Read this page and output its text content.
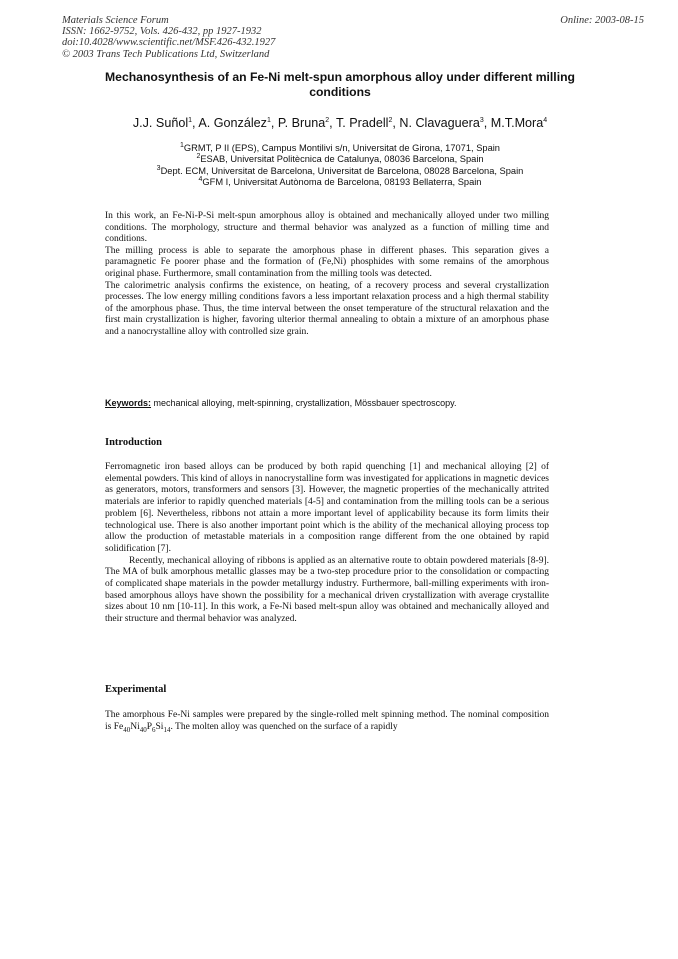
Materials Science Forum
ISSN: 1662-9752, Vols. 426-432, pp 1927-1932
doi:10.4028/www.scientific.net/MSF.426-432.1927
© 2003 Trans Tech Publications Ltd, Switzerland
Online: 2003-08-15
Mechanosynthesis of an Fe-Ni melt-spun amorphous alloy under different milling conditions
J.J. Suñol$^1$, A. González$^1$, P. Bruna$^2$, T. Pradell$^2$, N. Clavaguera$^3$, M.T.Mora$^4$
$^1$GRMT, P II (EPS), Campus Montilivi s/n, Universitat de Girona, 17071, Spain
$^2$ESAB, Universitat Politècnica de Catalunya, 08036 Barcelona, Spain
$^3$Dept. ECM, Universitat de Barcelona, Universitat de Barcelona, 08028 Barcelona, Spain
$^4$GFM I, Universitat Autònoma de Barcelona, 08193 Bellaterra, Spain

In this work, an Fe-Ni-P-Si melt-spun amorphous alloy is obtained and mechanically alloyed under two milling conditions. The morphology, structure and thermal behavior was analyzed as a function of milling time and conditions.

The milling process is able to separate the amorphous phase in different phases. This separation gives a paramagnetic Fe poorer phase and the formation of (Fe,Ni) phosphides with some remains of the amorphous original phase. Furthermore, small contamination from the milling tools was detected.

The calorimetric analysis confirms the existence, on heating, of a recovery process and several crystallization processes. The low energy milling conditions favors a less important relaxation process and a high thermal stability of the amorphous phase. Thus, the time interval between the onset temperature of the structural relaxation and the first main crystallization is higher, favoring ulterior thermal annealing to obtain a mixture of an amorphous phase and a nanocrystalline alloy with controlled size grain.

Keywords: mechanical alloying, melt-spinning, crystallization, Mössbauer spectroscopy.
Introduction

Ferromagnetic iron based alloys can be produced by both rapid quenching [1] and mechanical alloying [2] of elemental powders. This kind of alloys in nanocrystalline form was investigated for applications in magnetic devices as generators, motors, transformers and sensors [3]. However, the magnetic properties of the mechanically attrited materials are inferior to rapidly quenched materials [4-5] and contamination from the milling tools can be a serious problem [6]. Nevertheless, ribbons not attain a more important level of applicability because its form limits their technological use. There is also another important point which is the ability of the mechanical alloying process top allow the production of metastable materials in a composition range different from the one obtained by rapid solidification [7].

Recently, mechanical alloying of ribbons is applied as an alternative route to obtain powdered materials [8-9]. The MA of bulk amorphous metallic glasses may be a two-step procedure prior to the consolidation or compacting of complicated shape materials in the powder metallurgy industry. Furthermore, ball-milling experiments with iron-based amorphous alloys have shown the possibility for a mechanical driven crystallization with average crystallite sizes about 10 nm [10-11]. In this work, a Fe-Ni based melt-spun alloy was obtained and mechanically alloyed and their structure and thermal behavior was analyzed.

Experimental

The amorphous Fe-Ni samples were prepared by the single-rolled melt spinning method. The nominal composition is $Fe_{40}Ni_{40}P_6Si_{14}$. The molten alloy was quenched on the surface of a rapidly
